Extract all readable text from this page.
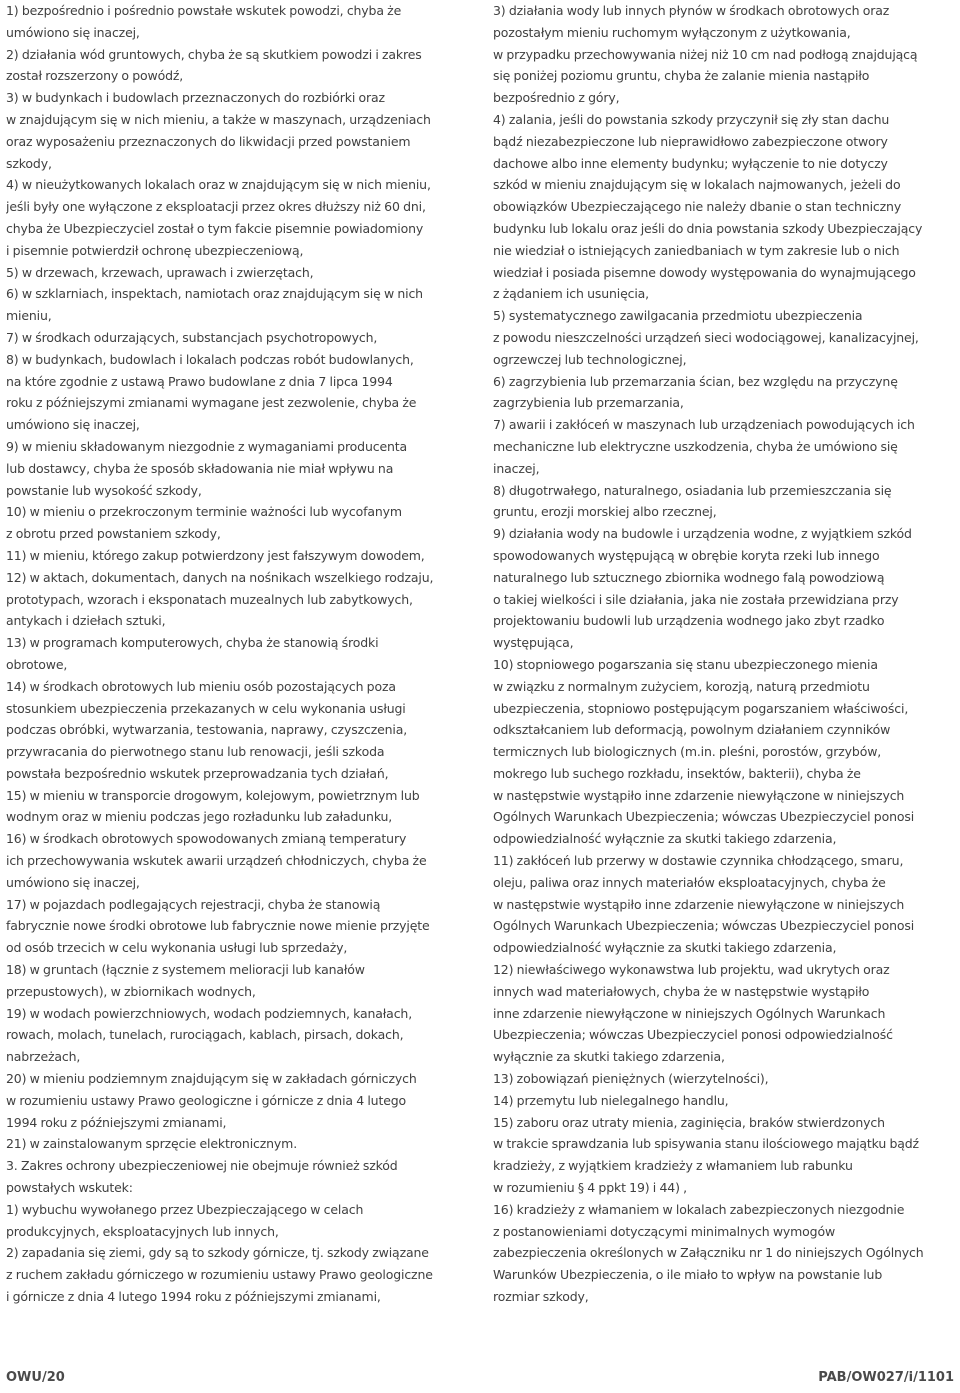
1) bezpośrednio i pośrednio powstałe wskutek powodzi, chyba że
umówiono się inaczej,
2) działania wód gruntowych, chyba że są skutkiem powodzi i zakres
został rozszerzony o powódź,
3) w budynkach i budowlach przeznaczonych do rozbiórki oraz
w znajdującym się w nich mieniu, a także w maszynach, urządzeniach
oraz wyposażeniu przeznaczonych do likwidacji przed powstaniem
szkody,
4) w nieużytkowanych lokalach oraz w znajdującym się w nich mieniu,
jeśli były one wyłączone z eksploatacji przez okres dłuższy niż 60 dni,
chyba że Ubezpieczyciel został o tym fakcie pisemnie powiadomiony
i pisemnie potwierdził ochronę ubezpieczeniową,
5) w drzewach, krzewach, uprawach i zwierzętach,
6) w szklarniach, inspektach, namiotach oraz znajdującym się w nich
mieniu,
7) w środkach odurzających, substancjach psychotropowych,
8) w budynkach, budowlach i lokalach podczas robót budowlanych,
na które zgodnie z ustawą Prawo budowlane z dnia 7 lipca 1994
roku z późniejszymi zmianami wymagane jest zezwolenie, chyba że
umówiono się inaczej,
9) w mieniu składowanym niezgodnie z wymaganiami producenta
lub dostawcy, chyba że sposób składowania nie miał wpływu na
powstanie lub wysokość szkody,
10) w mieniu o przekroczonym terminie ważności lub wycofanym
z obrotu przed powstaniem szkody,
11) w mieniu, którego zakup potwierdzony jest fałszywym dowodem,
12) w aktach, dokumentach, danych na nośnikach wszelkiego rodzaju,
prototypach, wzorach i eksponatach muzealnych lub zabytkowych,
antykach i dziełach sztuki,
13) w programach komputerowych, chyba że stanowią środki
obrotowe,
14) w środkach obrotowych lub mieniu osób pozostających poza
stosunkiem ubezpieczenia przekazanych w celu wykonania usługi
podczas obróbki, wytwarzania, testowania, naprawy, czyszczenia,
przywracania do pierwotnego stanu lub renowacji, jeśli szkoda
powstała bezpośrednio wskutek przeprowadzania tych działań,
15) w mieniu w transporcie drogowym, kolejowym, powietrznym lub
wodnym oraz w mieniu podczas jego rozładunku lub załadunku,
16) w środkach obrotowych spowodowanych zmianą temperatury
ich przechowywania wskutek awarii urządzeń chłodniczych, chyba że
umówiono się inaczej,
17) w pojazdach podlegających rejestracji, chyba że stanowią
fabrycznie nowe środki obrotowe lub fabrycznie nowe mienie przyjęte
od osób trzecich w celu wykonania usługi lub sprzedaży,
18) w gruntach (łącznie z systemem melioracji lub kanałów
przepustowych), w zbiornikach wodnych,
19) w wodach powierzchniowych, wodach podziemnych, kanałach,
rowach, molach, tunelach, rurociągach, kablach, pirsach, dokach,
nabrzeżach,
20) w mieniu podziemnym znajdującym się w zakładach górniczych
w rozumieniu ustawy Prawo geologiczne i górnicze z dnia 4 lutego
1994 roku z późniejszymi zmianami,
21) w zainstalowanym sprzęcie elektronicznym.
3. Zakres ochrony ubezpieczeniowej nie obejmuje również szkód
powstałych wskutek:
1) wybuchu wywołanego przez Ubezpieczającego w celach
produkcyjnych, eksploatacyjnych lub innych,
2) zapadania się ziemi, gdy są to szkody górnicze, tj. szkody związane
z ruchem zakładu górniczego w rozumieniu ustawy Prawo geologiczne
i górnicze z dnia 4 lutego 1994 roku z późniejszymi zmianami,
3) działania wody lub innych płynów w środkach obrotowych oraz
pozostałym mieniu ruchomym wyłączonym z użytkowania,
w przypadku przechowywania niżej niż 10 cm nad podłogą znajdującą
się poniżej poziomu gruntu, chyba że zalanie mienia nastąpiło
bezpośrednio z góry,
4) zalania, jeśli do powstania szkody przyczynił się zły stan dachu
bądź niezabezpieczone lub nieprawidłowo zabezpieczone otwory
dachowe albo inne elementy budynku; wyłączenie to nie dotyczy
szkód w mieniu znajdującym się w lokalach najmowanych, jeżeli do
obowiązków Ubezpieczającego nie należy dbanie o stan techniczny
budynku lub lokalu oraz jeśli do dnia powstania szkody Ubezpieczający
nie wiedział o istniejących zaniedbaniach w tym zakresie lub o nich
wiedział i posiada pisemne dowody występowania do wynajmującego
z żądaniem ich usunięcia,
5) systematycznego zawilgacania przedmiotu ubezpieczenia
z powodu nieszczelności urządzeń sieci wodociągowej, kanalizacyjnej,
ogrzewczej lub technologicznej,
6) zagrzybienia lub przemarzania ścian, bez względu na przyczynę
zagrzybienia lub przemarzania,
7) awarii i zakłóceń w maszynach lub urządzeniach powodujących ich
mechaniczne lub elektryczne uszkodzenia, chyba że umówiono się
inaczej,
8) długotrwałego, naturalnego, osiadania lub przemieszczania się
gruntu, erozji morskiej albo rzecznej,
9) działania wody na budowle i urządzenia wodne, z wyjątkiem szkód
spowodowanych występującą w obrębie koryta rzeki lub innego
naturalnego lub sztucznego zbiornika wodnego falą powodziową
o takiej wielkości i sile działania, jaka nie została przewidziana przy
projektowaniu budowli lub urządzenia wodnego jako zbyt rzadko
występująca,
10) stopniowego pogarszania się stanu ubezpieczonego mienia
w związku z normalnym zużyciem, korozją, naturą przedmiotu
ubezpieczenia, stopniowo postępującym pogarszaniem właściwości,
odkształcaniem lub deformacją, powolnym działaniem czynników
termicznych lub biologicznych (m.in. pleśni, porostów, grzybów,
mokrego lub suchego rozkładu, insektów, bakterii), chyba że
w następstwie wystąpiło inne zdarzenie niewyłączone w niniejszych
Ogólnych Warunkach Ubezpieczenia; wówczas Ubezpieczyciel ponosi
odpowiedzialność wyłącznie za skutki takiego zdarzenia,
11) zakłóceń lub przerwy w dostawie czynnika chłodzącego, smaru,
oleju, paliwa oraz innych materiałów eksploatacyjnych, chyba że
w następstwie wystąpiło inne zdarzenie niewyłączone w niniejszych
Ogólnych Warunkach Ubezpieczenia; wówczas Ubezpieczyciel ponosi
odpowiedzialność wyłącznie za skutki takiego zdarzenia,
12) niewłaściwego wykonawstwa lub projektu, wad ukrytych oraz
innych wad materiałowych, chyba że w następstwie wystąpiło
inne zdarzenie niewyłączone w niniejszych Ogólnych Warunkach
Ubezpieczenia; wówczas Ubezpieczyciel ponosi odpowiedzialność
wyłącznie za skutki takiego zdarzenia,
13) zobowiązań pieniężnych (wierzytelności),
14) przemytu lub nielegalnego handlu,
15) zaboru oraz utraty mienia, zaginięcia, braków stwierdzonych
w trakcie sprawdzania lub spisywania stanu ilościowego majątku bądź
kradzieży, z wyjątkiem kradzieży z włamaniem lub rabunku
w rozumieniu § 4 ppkt 19) i 44) ,
16) kradzieży z włamaniem w lokalach zabezpieczonych niezgodnie
z postanowieniami dotyczącymi minimalnych wymogów
zabezpieczenia określonych w Załączniku nr 1 do niniejszych Ogólnych
Warunków Ubezpieczenia, o ile miało to wpływ na powstanie lub
rozmiar szkody,
OWU/20	PAB/OW027/i/1101
